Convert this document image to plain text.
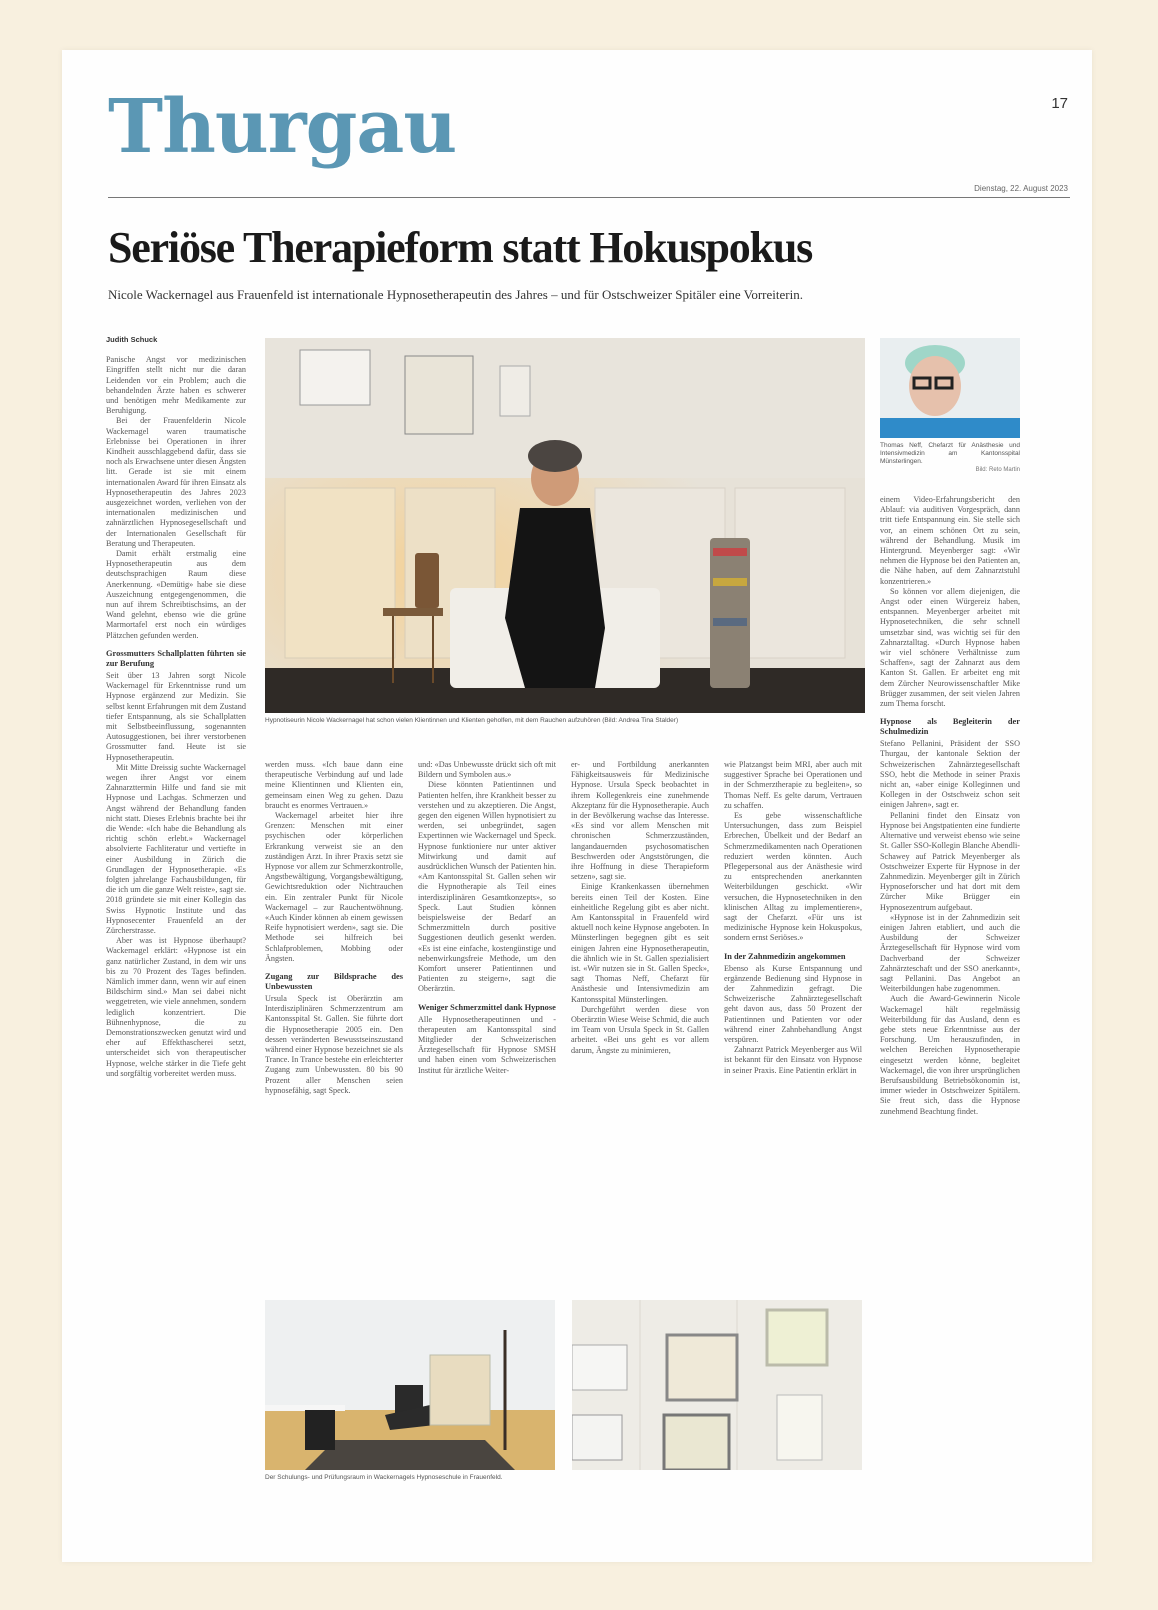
Thurgau	17
Dienstag, 22. August 2023
Seriöse Therapieform statt Hokuspokus
Nicole Wackernagel aus Frauenfeld ist internationale Hypnosetherapeutin des Jahres – und für Ostschweizer Spitäler eine Vorreiterin.
Judith Schuck

Panische Angst vor medizinischen Eingriffen stellt nicht nur die daran Leidenden vor ein Problem; auch die behandelnden Ärzte haben es schwerer und benötigen mehr Medikamente zur Beruhigung.

Bei der Frauenfelderin Nicole Wackernagel waren traumatische Erlebnisse bei Operationen in ihrer Kindheit ausschlaggebend dafür, dass sie noch als Erwachsene unter diesen Ängsten litt. Gerade ist sie mit einem internationalen Award für ihren Einsatz als Hypnosetherapeutin des Jahres 2023 ausgezeichnet worden, verliehen von der internationalen medizinischen und zahnärztlichen Hypnosegesellschaft und der Internationalen Gesellschaft für Beratung und Therapeuten.

Damit erhält erstmalig eine Hypnosetherapeutin aus dem deutschsprachigen Raum diese Anerkennung. «Demütig» habe sie diese Auszeichnung entgegengenommen, die nun auf ihrem Schreibtischsims, an der Wand gelehnt, ebenso wie die grüne Marmortafel erst noch ein würdiges Plätzchen gefunden werden.

Grossmutters Schallplatten führten sie zur Berufung

Seit über 13 Jahren sorgt Nicole Wackernagel für Erkenntnisse rund um Hypnose ergänzend zur Medizin. Sie selbst kennt Erfahrungen mit dem Zustand tiefer Entspannung, als sie Schallplatten mit Selbstbeeinflussung, sogenannten Autosuggestionen, bei ihrer verstorbenen Grossmutter fand. Heute ist sie Hypnosetherapeutin.

Mit Mitte Dreissig suchte Wackernagel wegen ihrer Angst vor einem Zahnarzttermin Hilfe und fand sie mit Hypnose und Lachgas. Schmerzen und Angst während der Behandlung fanden nicht statt. Dieses Erlebnis brachte bei ihr die Wende: «Ich habe die Behandlung als richtig schön erlebt.» Wackernagel absolvierte Fachliteratur und vertiefte in einer Ausbildung in Zürich die Grundlagen der Hypnosetherapie. «Es folgten jahrelange Fachausbildungen, für die ich um die ganze Welt reiste», sagt sie. 2018 gründete sie mit einer Kollegin das Swiss Hypnotic Institute und das Hypnosecenter Frauenfeld an der Zürcherstrasse.

Aber was ist Hypnose überhaupt? Wackernagel erklärt: «Hypnose ist ein ganz natürlicher Zustand, in dem wir uns bis zu 70 Prozent des Tages befinden. Nämlich immer dann, wenn wir auf einen Bildschirm sind.» Man sei dabei nicht weggetreten, wie viele annehmen, sondern lediglich konzentriert. Die Bühnenhypnose, die zu Demonstrationszwecken genutzt wird und eher auf Effekthascherei setzt, unterscheidet sich von therapeutischer Hypnose, welche stärker in die Tiefe geht und sorgfältig vorbereitet werden muss.

Hypnotiseurin Nicole Wackernagel hat schon vielen Klientinnen und Klienten geholfen, mit dem Rauchen aufzuhören (Bild: Andrea Tina Stalder)
Thomas Neff, Chefarzt für Anästhesie und Intensivmedizin am Kantonsspital Münsterlingen.
Bild: Reto Martin

einem Video-Erfahrungsbericht den Ablauf: via auditiven Vorgespräch, dann tritt tiefe Entspannung ein. Sie stelle sich vor, an einem schönen Ort zu sein, während der Behandlung. Musik im Hintergrund. Meyenberger sagt: «Wir nehmen die Hypnose bei den Patienten an, die Nähe haben, auf dem Zahnarztstuhl konzentrieren.»

So können vor allem diejenigen, die Angst oder einen Würgereiz haben, entspannen. Meyenberger arbeitet mit Hypnosetechniken, die sehr schnell umsetzbar sind, was wichtig sei für den Zahnarztalltag. «Durch Hypnose haben wir viel schönere Verhältnisse zum Schaffen», sagt der Zahnarzt aus dem Kanton St. Gallen. Er arbeitet eng mit dem Zürcher Neurowissenschaftler Mike Brügger zusammen, der seit vielen Jahren zum Thema forscht.

Hypnose als Begleiterin der Schulmedizin

Stefano Pellanini, Präsident der SSO Thurgau, der kantonale Sektion der Schweizerischen Zahnärztegesellschaft SSO, hebt die Methode in seiner Praxis nicht an, «aber einige Kolleginnen und Kollegen in der Ostschweiz schon seit einigen Jahren», sagt er.

Pellanini findet den Einsatz von Hypnose bei Angstpatienten eine fundierte Alternative und verweist ebenso wie seine St. Galler SSO-Kollegin Blanche Abendli-Schawey auf Patrick Meyenberger als Ostschweizer Experte für Hypnose in der Zahnmedizin. Meyenberger gilt in Zürich Hypnoseforscher und hat dort mit dem Zürcher Mike Brügger ein Hypnosezentrum aufgebaut.

«Hypnose ist in der Zahnmedizin seit einigen Jahren etabliert, und auch die Ausbildung der Schweizer Ärztegesellschaft für Hypnose wird vom Dachverband der Schweizer Zahnärzteschaft und der SSO anerkannt», sagt Pellanini. Das Angebot an Weiterbildungen habe zugenommen.

Auch die Award-Gewinnerin Nicole Wackernagel hält regelmässig Weiterbildung für das Ausland, denn es gebe stets neue Erkenntnisse aus der Forschung. Um herauszufinden, in welchen Bereichen Hypnosetherapie eingesetzt werden könne, begleitet Wackernagel, die von ihrer ursprünglichen Berufsausbildung Betriebsökonomin ist, immer wieder in Ostschweizer Spitälern. Sie freut sich, dass die Hypnose zunehmend Beachtung findet.

werden muss. «Ich baue dann eine therapeutische Verbindung auf und lade meine Klientinnen und Klienten ein, gemeinsam einen Weg zu gehen. Dazu braucht es enormes Vertrauen.»

Wackernagel arbeitet hier ihre Grenzen: Menschen mit einer psychischen oder körperlichen Erkrankung verweist sie an den zuständigen Arzt. In ihrer Praxis setzt sie Hypnose vor allem zur Schmerzkontrolle, Angstbewältigung, Vorgangsbewältigung, Gewichtsreduktion oder Nichtrauchen ein. Ein zentraler Punkt für Nicole Wackernagel – zur Rauchentwöhnung. «Auch Kinder können ab einem gewissen Reife hypnotisiert werden», sagt sie. Die Methode sei hilfreich bei Schlafproblemen, Mobbing oder Ängsten.

Zugang zur Bildsprache des Unbewussten

Ursula Speck ist Oberärztin am Interdisziplinären Schmerzzentrum am Kantonsspital St. Gallen. Sie führte dort die Hypnosetherapie 2005 ein. Den dessen veränderten Bewusstseinszustand während einer Hypnose bezeichnet sie als Trance. In Trance bestehe ein erleichterter Zugang zum Unbewussten. 80 bis 90 Prozent aller Menschen seien hypnosefähig, sagt Speck.

und: «Das Unbewusste drückt sich oft mit Bildern und Symbolen aus.»

Diese könnten Patientinnen und Patienten helfen, ihre Krankheit besser zu verstehen und zu akzeptieren. Die Angst, gegen den eigenen Willen hypnotisiert zu werden, sei unbegründet, sagen Expertinnen wie Wackernagel und Speck. Hypnose funktioniere nur unter aktiver Mitwirkung und damit auf ausdrücklichen Wunsch der Patienten hin. «Am Kantonsspital St. Gallen sehen wir die Hypnotherapie als Teil eines interdisziplinären Gesamtkonzepts», so Speck. Laut Studien können beispielsweise der Bedarf an Schmerzmitteln durch positive Suggestionen deutlich gesenkt werden. «Es ist eine einfache, kostengünstige und nebenwirkungsfreie Methode, um den Komfort unserer Patientinnen und Patienten zu steigern», sagt die Oberärztin.

Weniger Schmerzmittel dank Hypnose

Alle Hypnosetherapeutinnen und -therapeuten am Kantonsspital sind Mitglieder der Schweizerischen Ärztegesellschaft für Hypnose SMSH und haben einen vom Schweizerischen Institut für ärztliche Weiter-

er- und Fortbildung anerkannten Fähigkeitsausweis für Medizinische Hypnose. Ursula Speck beobachtet in ihrem Kollegenkreis eine zunehmende Akzeptanz für die Hypnosetherapie. Auch in der Bevölkerung wachse das Interesse. «Es sind vor allem Menschen mit chronischen Schmerzzuständen, langandauernden psychosomatischen Beschwerden oder Angststörungen, die ihre Hoffnung in diese Therapieform setzen», sagt sie.

Einige Krankenkassen übernehmen bereits einen Teil der Kosten. Eine einheitliche Regelung gibt es aber nicht. Am Kantonsspital in Frauenfeld wird aktuell noch keine Hypnose angeboten. In Münsterlingen begegnen gibt es seit einigen Jahren eine Hypnosetherapeutin, die ähnlich wie in St. Gallen spezialisiert ist. «Wir nutzen sie in St. Gallen Speck», sagt Thomas Neff, Chefarzt für Anästhesie und Intensivmedizin am Kantonsspital Münsterlingen.

Durchgeführt werden diese von Oberärztin Wiese Weise Schmid, die auch im Team von Ursula Speck in St. Gallen arbeitet. «Bei uns geht es vor allem darum, Ängste zu minimieren,

wie Platzangst beim MRI, aber auch mit suggestiver Sprache bei Operationen und in der Schmerztherapie zu begleiten», so Thomas Neff. Es gelte darum, Vertrauen zu schaffen.

Es gebe wissenschaftliche Untersuchungen, dass zum Beispiel Erbrechen, Übelkeit und der Bedarf an Schmerzmedikamenten nach Operationen reduziert werden könnten. Auch Pflegepersonal aus der Anästhesie wird zu entsprechenden anerkannten Weiterbildungen geschickt. «Wir versuchen, die Hypnosetechniken in den klinischen Alltag zu implementieren», sagt der Chefarzt. «Für uns ist medizinische Hypnose kein Hokuspokus, sondern ernst Seriöses.»

In der Zahnmedizin angekommen

Ebenso als Kurse Entspannung und ergänzende Bedienung sind Hypnose in der Zahnmedizin gefragt. Die Schweizerische Zahnärztegesellschaft geht davon aus, dass 50 Prozent der Patientinnen und Patienten vor oder während einer Zahnbehandlung Angst verspüren.

Zahnarzt Patrick Meyenberger aus Wil ist bekannt für den Einsatz von Hypnose in seiner Praxis. Eine Patientin erklärt in

Der Schulungs- und Prüfungsraum in Wackernagels Hypnoseschule in Frauenfeld.
